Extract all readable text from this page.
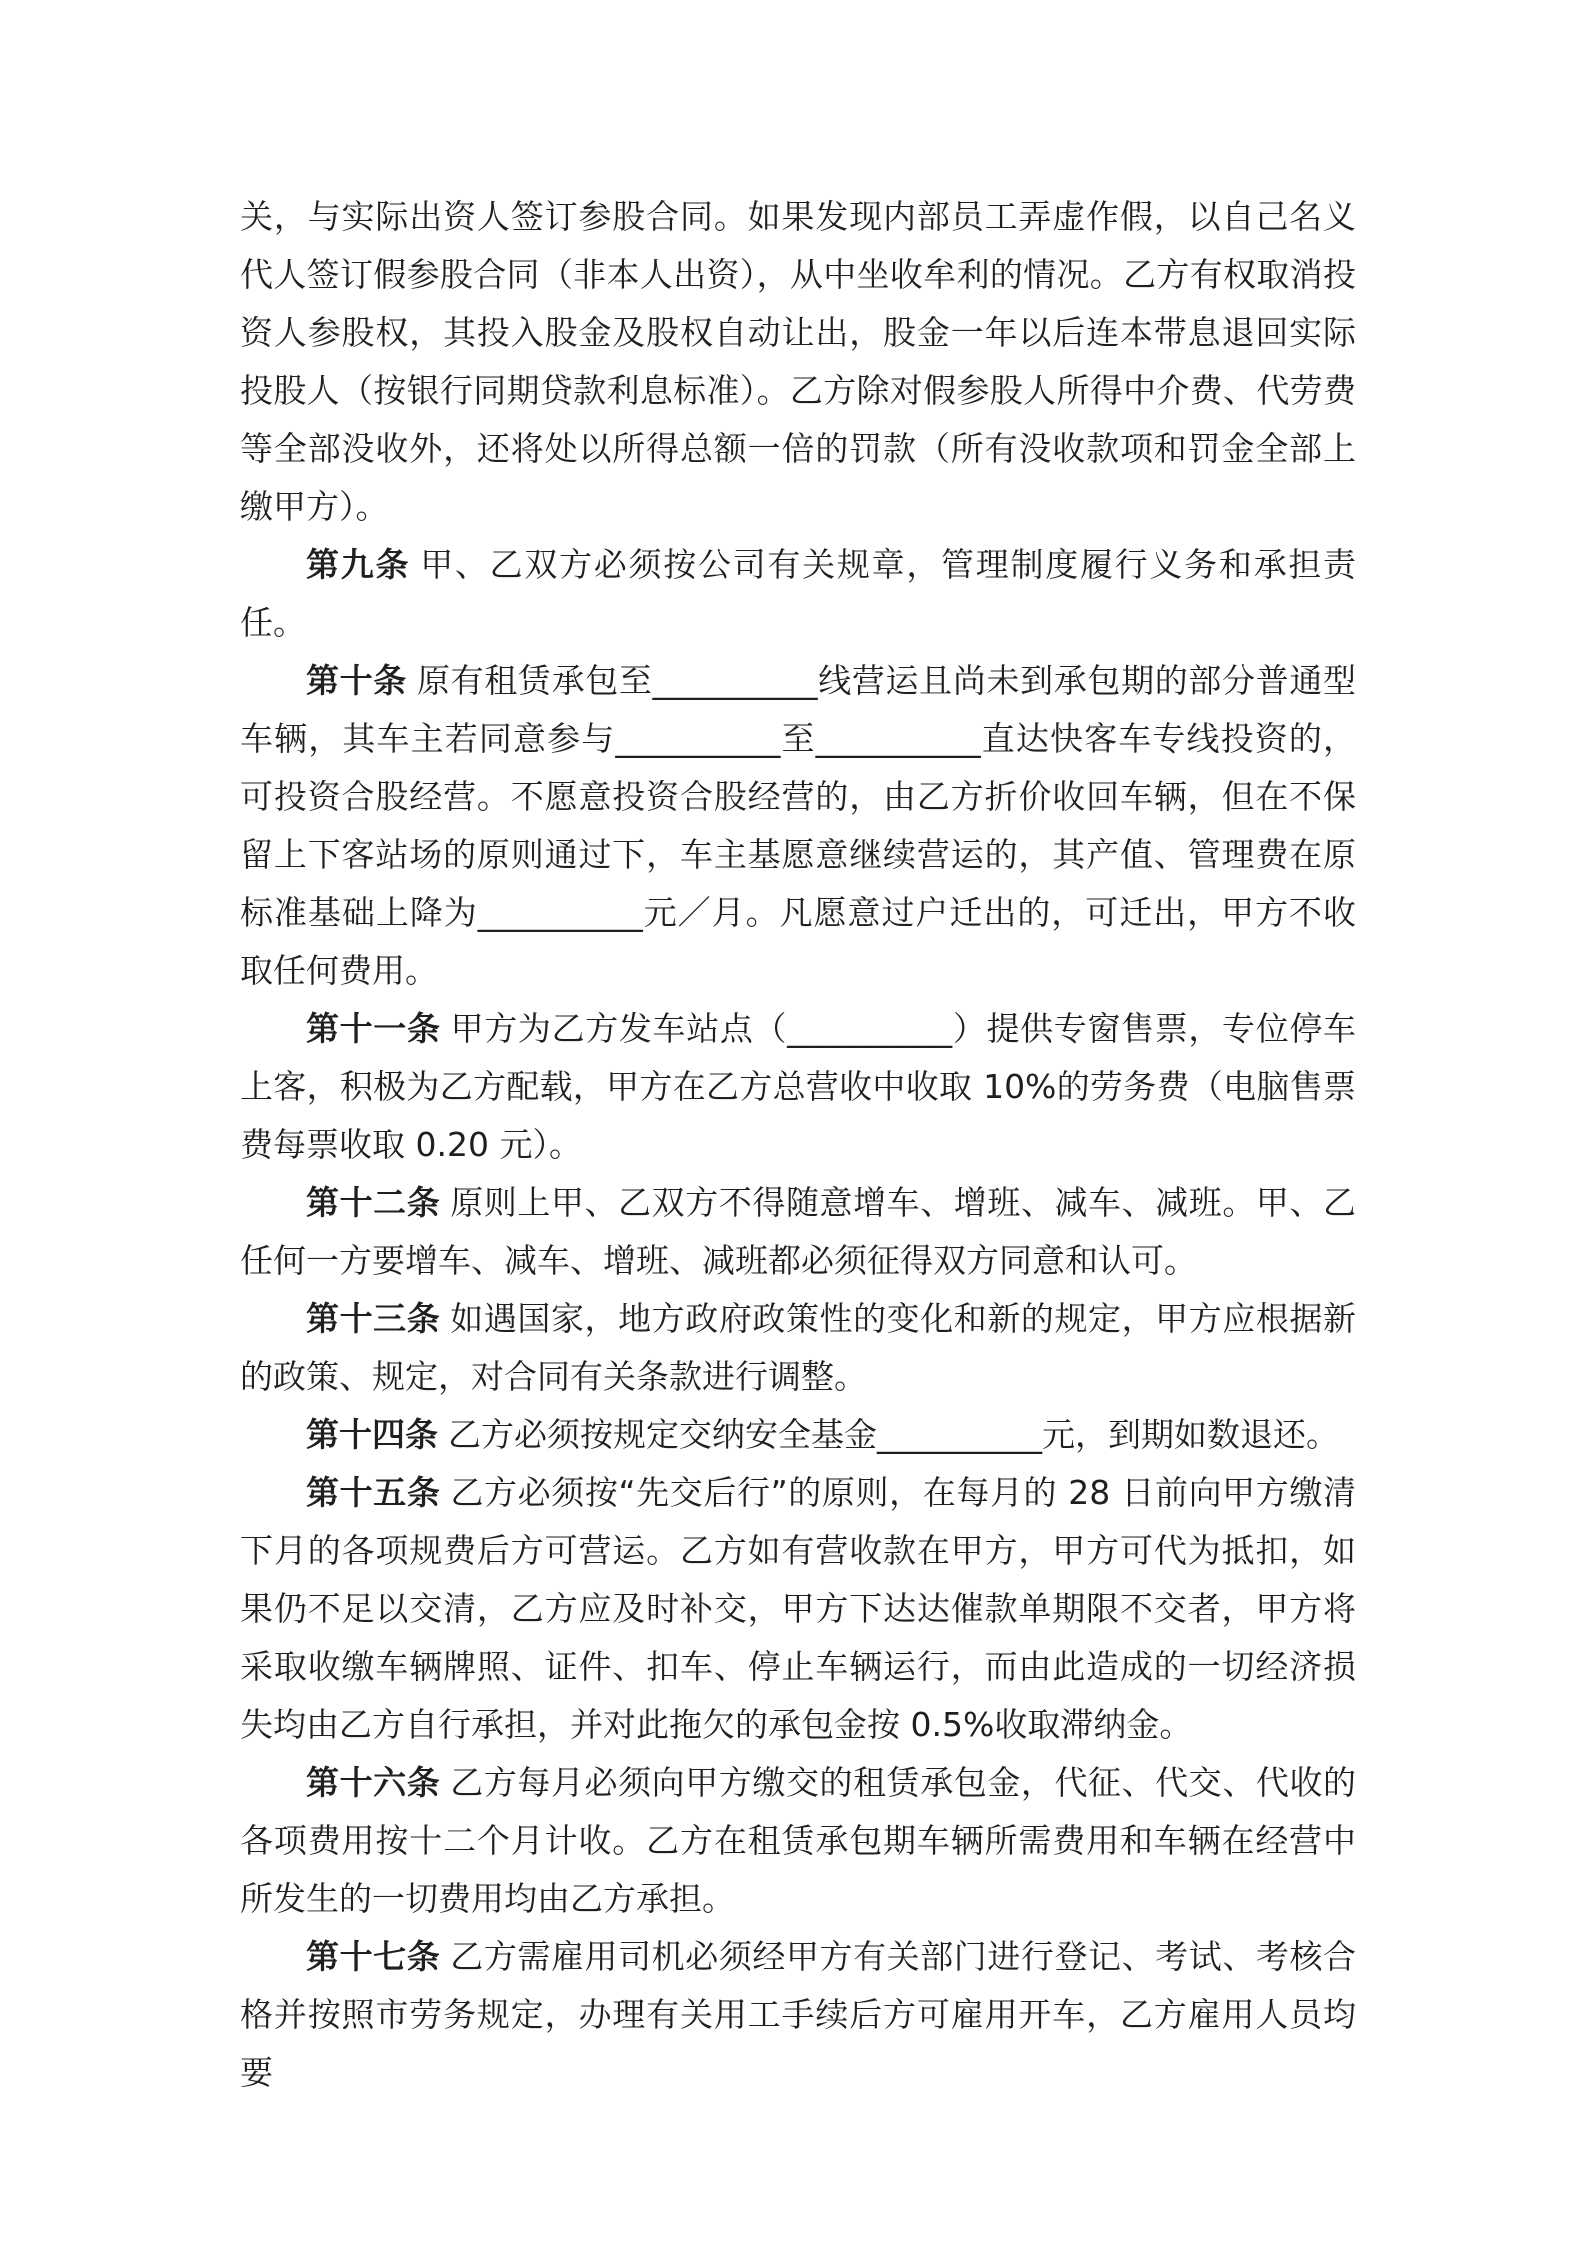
关，与实际出资人签订参股合同。如果发现内部员工弄虚作假，以自己名义代人签订假参股合同（非本人出资），从中坐收牟利的情况。乙方有权取消投资人参股权，其投入股金及股权自动让出，股金一年以后连本带息退回实际投股人（按银行同期贷款利息标准）。乙方除对假参股人所得中介费、代劳费等全部没收外，还将处以所得总额一倍的罚款（所有没收款项和罚金全部上缴甲方）。

第九条 甲、乙双方必须按公司有关规章，管理制度履行义务和承担责任。

第十条 原有租赁承包至__________线营运且尚未到承包期的部分普通型车辆，其车主若同意参与__________至__________直达快客车专线投资的，可投资合股经营。不愿意投资合股经营的，由乙方折价收回车辆，但在不保留上下客站场的原则通过下，车主基愿意继续营运的，其产值、管理费在原标准基础上降为__________元／月。凡愿意过户迁出的，可迁出，甲方不收取任何费用。

第十一条 甲方为乙方发车站点（__________）提供专窗售票，专位停车上客，积极为乙方配载，甲方在乙方总营收中收取 10%的劳务费（电脑售票费每票收取 0.20 元）。

第十二条 原则上甲、乙双方不得随意增车、增班、减车、减班。甲、乙任何一方要增车、减车、增班、减班都必须征得双方同意和认可。

第十三条 如遇国家，地方政府政策性的变化和新的规定，甲方应根据新的政策、规定，对合同有关条款进行调整。

第十四条 乙方必须按规定交纳安全基金__________元，到期如数退还。

第十五条 乙方必须按“先交后行”的原则，在每月的 28 日前向甲方缴清下月的各项规费后方可营运。乙方如有营收款在甲方，甲方可代为抵扣，如果仍不足以交清，乙方应及时补交，甲方下达达催款单期限不交者，甲方将采取收缴车辆牌照、证件、扣车、停止车辆运行，而由此造成的一切经济损失均由乙方自行承担，并对此拖欠的承包金按 0.5%收取滞纳金。

第十六条 乙方每月必须向甲方缴交的租赁承包金，代征、代交、代收的各项费用按十二个月计收。乙方在租赁承包期车辆所需费用和车辆在经营中所发生的一切费用均由乙方承担。

第十七条 乙方需雇用司机必须经甲方有关部门进行登记、考试、考核合格并按照市劳务规定，办理有关用工手续后方可雇用开车，乙方雇用人员均要
